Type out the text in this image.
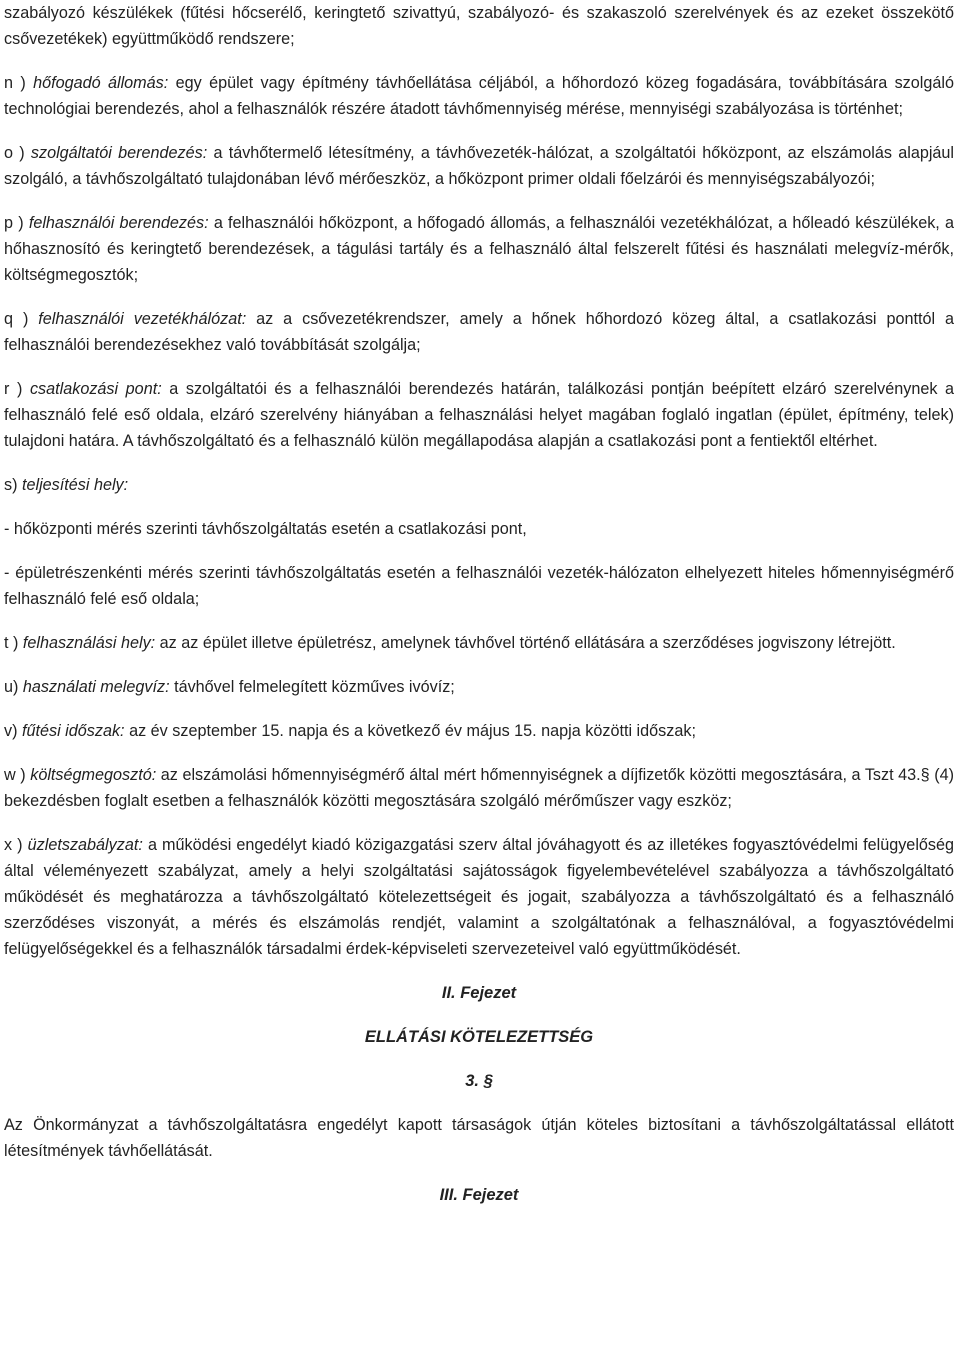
szabályozó készülékek (fűtési hőcserélő, keringtető szivattyú, szabályozó- és szakaszoló szerelvények és az ezeket összekötő csővezetékek) együttműködő rendszere;

n ) hőfogadó állomás: egy épület vagy építmény távhőellátása céljából, a hőhordozó közeg fogadására, továbbítására szolgáló technológiai berendezés, ahol a felhasználók részére átadott távhőmennyiség mérése, mennyiségi szabályozása is történhet;

o ) szolgáltatói berendezés: a távhőtermelő létesítmény, a távhővezeték-hálózat, a szolgáltatói hőközpont, az elszámolás alapjául szolgáló, a távhőszolgáltató tulajdonában lévő mérőeszköz, a hőközpont primer oldali főelzárói és mennyiségszabályozói;

p ) felhasználói berendezés: a felhasználói hőközpont, a hőfogadó állomás, a felhasználói vezetékhálózat, a hőleadó készülékek, a hőhasznosító és keringtető berendezések, a tágulási tartály és a felhasználó által felszerelt fűtési és használati melegvíz-mérők, költségmegosztók;

q ) felhasználói vezetékhálózat: az a csővezetékrendszer, amely a hőnek hőhordozó közeg által, a csatlakozási ponttól a felhasználói berendezésekhez való továbbítását szolgálja;

r ) csatlakozási pont: a szolgáltatói és a felhasználói berendezés határán, találkozási pontján beépített elzáró szerelvénynek a felhasználó felé eső oldala, elzáró szerelvény hiányában a felhasználási helyet magában foglaló ingatlan (épület, építmény, telek) tulajdoni határa. A távhőszolgáltató és a felhasználó külön megállapodása alapján a csatlakozási pont a fentiektől eltérhet.

s) teljesítési hely:

- hőközponti mérés szerinti távhőszolgáltatás esetén a csatlakozási pont,

- épületrészenkénti mérés szerinti távhőszolgáltatás esetén a felhasználói vezeték-hálózaton elhelyezett hiteles hőmennyiségmérő felhasználó felé eső oldala;

t ) felhasználási hely: az az épület illetve épületrész, amelynek távhővel történő ellátására a szerződéses jogviszony létrejött.

u) használati melegvíz: távhővel felmelegített közműves ivóvíz;

v) fűtési időszak: az év szeptember 15. napja és a következő év május 15. napja közötti időszak;

w ) költségmegosztó: az elszámolási hőmennyiségmérő által mért hőmennyiségnek a díjfizetők közötti megosztására, a Tszt 43.§ (4) bekezdésben foglalt esetben a felhasználók közötti megosztására szolgáló mérőműszer vagy eszköz;

x ) üzletszabályzat: a működési engedélyt kiadó közigazgatási szerv által jóváhagyott és az illetékes fogyasztóvédelmi felügyelőség által véleményezett szabályzat, amely a helyi szolgáltatási sajátosságok figyelembevételével szabályozza a távhőszolgáltató működését és meghatározza a távhőszolgáltató kötelezettségeit és jogait, szabályozza a távhőszolgáltató és a felhasználó szerződéses viszonyát, a mérés és elszámolás rendjét, valamint a szolgáltatónak a felhasználóval, a fogyasztóvédelmi felügyelőségekkel és a felhasználók társadalmi érdek-képviseleti szervezeteivel való együttműködését.

II. Fejezet

ELLÁTÁSI KÖTELEZETTSÉG

3. §

Az Önkormányzat a távhőszolgáltatásra engedélyt kapott társaságok útján köteles biztosítani a távhőszolgáltatással ellátott létesítmények távhőellátását.

III. Fejezet
